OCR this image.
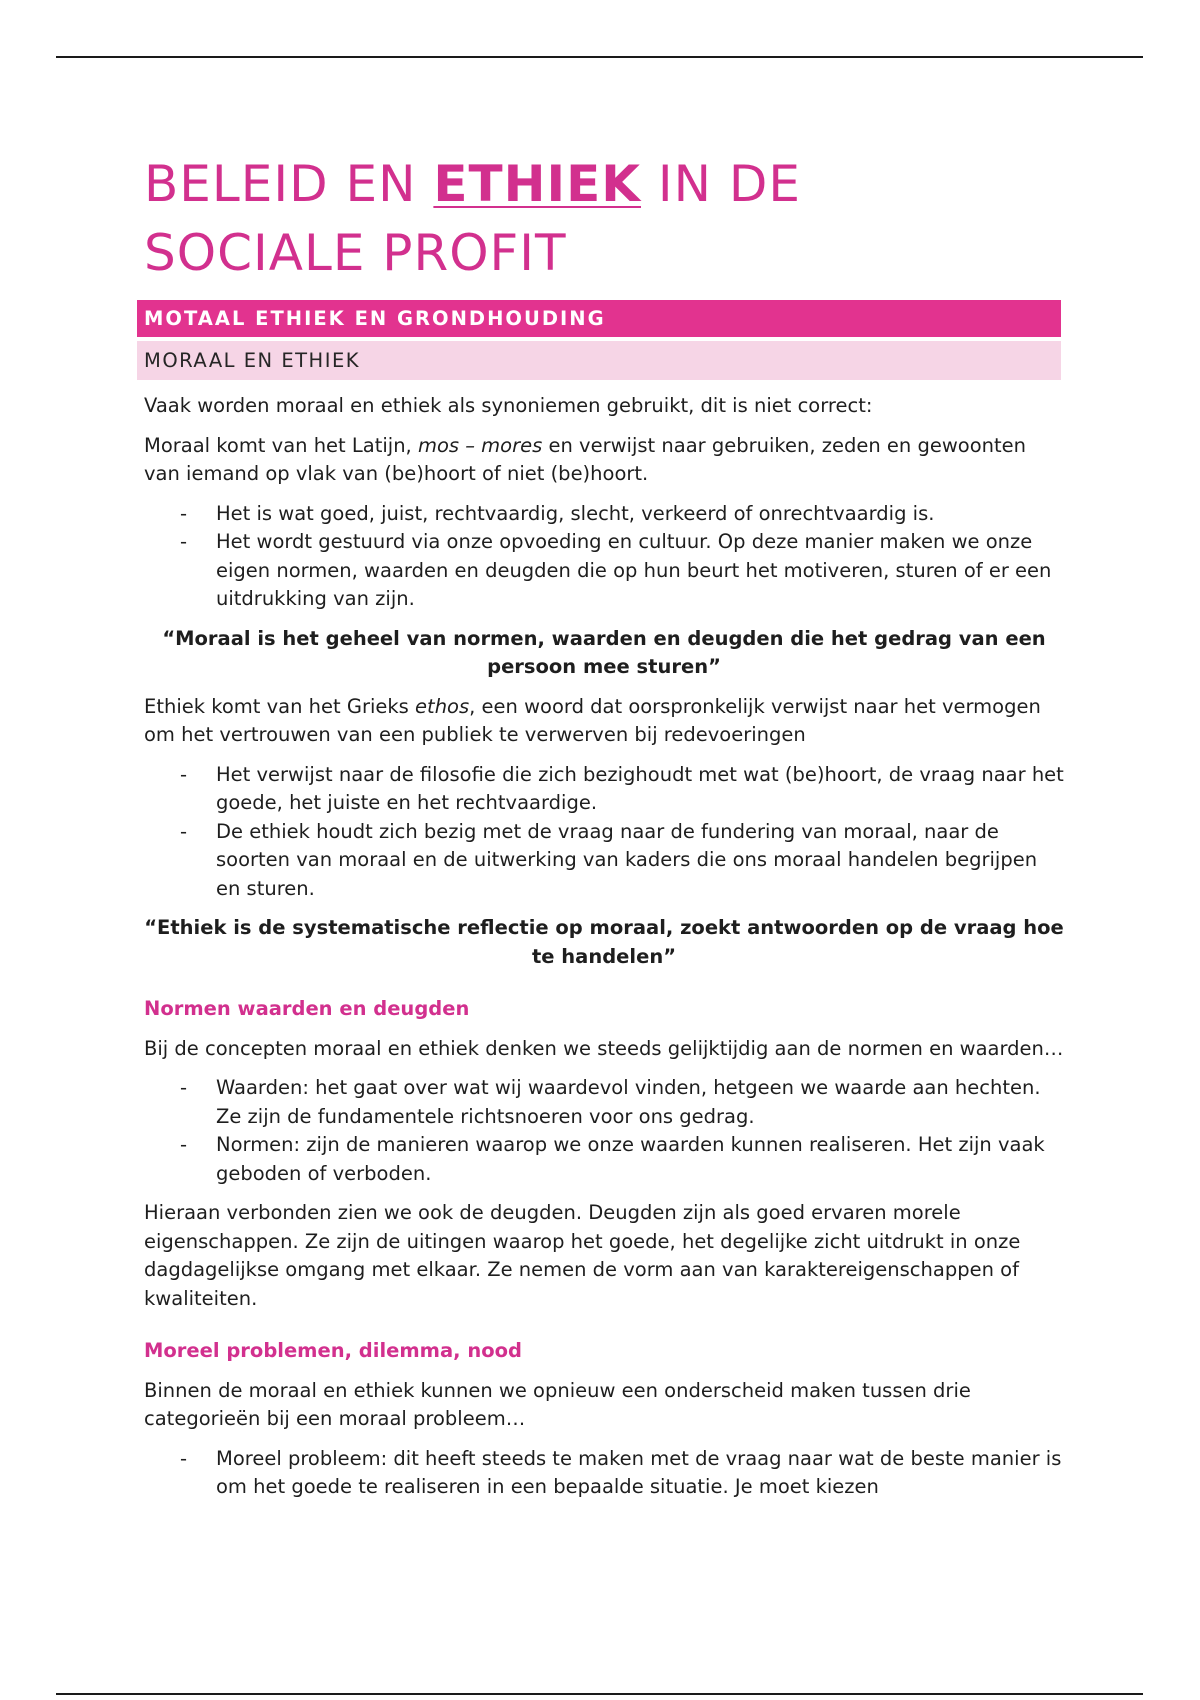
BELEID EN ETHIEK IN DE
SOCIALE PROFIT
MOTAAL ETHIEK EN GRONDHOUDING
MORAAL EN ETHIEK

Vaak worden moraal en ethiek als synoniemen gebruikt, dit is niet correct:

Moraal komt van het Latijn, mos – mores en verwijst naar gebruiken, zeden en gewoonten van iemand op vlak van (be)hoort of niet (be)hoort.

- Het is wat goed, juist, rechtvaardig, slecht, verkeerd of onrechtvaardig is.
- Het wordt gestuurd via onze opvoeding en cultuur. Op deze manier maken we onze eigen normen, waarden en deugden die op hun beurt het motiveren, sturen of er een uitdrukking van zijn.
“Moraal is het geheel van normen, waarden en deugden die het gedrag van een persoon mee sturen”

Ethiek komt van het Grieks ethos, een woord dat oorspronkelijk verwijst naar het vermogen om het vertrouwen van een publiek te verwerven bij redevoeringen

- Het verwijst naar de filosofie die zich bezighoudt met wat (be)hoort, de vraag naar het goede, het juiste en het rechtvaardige.
- De ethiek houdt zich bezig met de vraag naar de fundering van moraal, naar de soorten van moraal en de uitwerking van kaders die ons moraal handelen begrijpen en sturen.
“Ethiek is de systematische reflectie op moraal, zoekt antwoorden op de vraag hoe te handelen”
Normen waarden en deugden

Bij de concepten moraal en ethiek denken we steeds gelijktijdig aan de normen en waarden…

- Waarden: het gaat over wat wij waardevol vinden, hetgeen we waarde aan hechten. Ze zijn de fundamentele richtsnoeren voor ons gedrag.
- Normen: zijn de manieren waarop we onze waarden kunnen realiseren. Het zijn vaak geboden of verboden.

Hieraan verbonden zien we ook de deugden. Deugden zijn als goed ervaren morele eigenschappen. Ze zijn de uitingen waarop het goede, het degelijke zicht uitdrukt in onze dagdagelijkse omgang met elkaar. Ze nemen de vorm aan van karaktereigenschappen of kwaliteiten.

Moreel problemen, dilemma, nood

Binnen de moraal en ethiek kunnen we opnieuw een onderscheid maken tussen drie categorieën bij een moraal probleem…

- Moreel probleem: dit heeft steeds te maken met de vraag naar wat de beste manier is om het goede te realiseren in een bepaalde situatie. Je moet kiezen
